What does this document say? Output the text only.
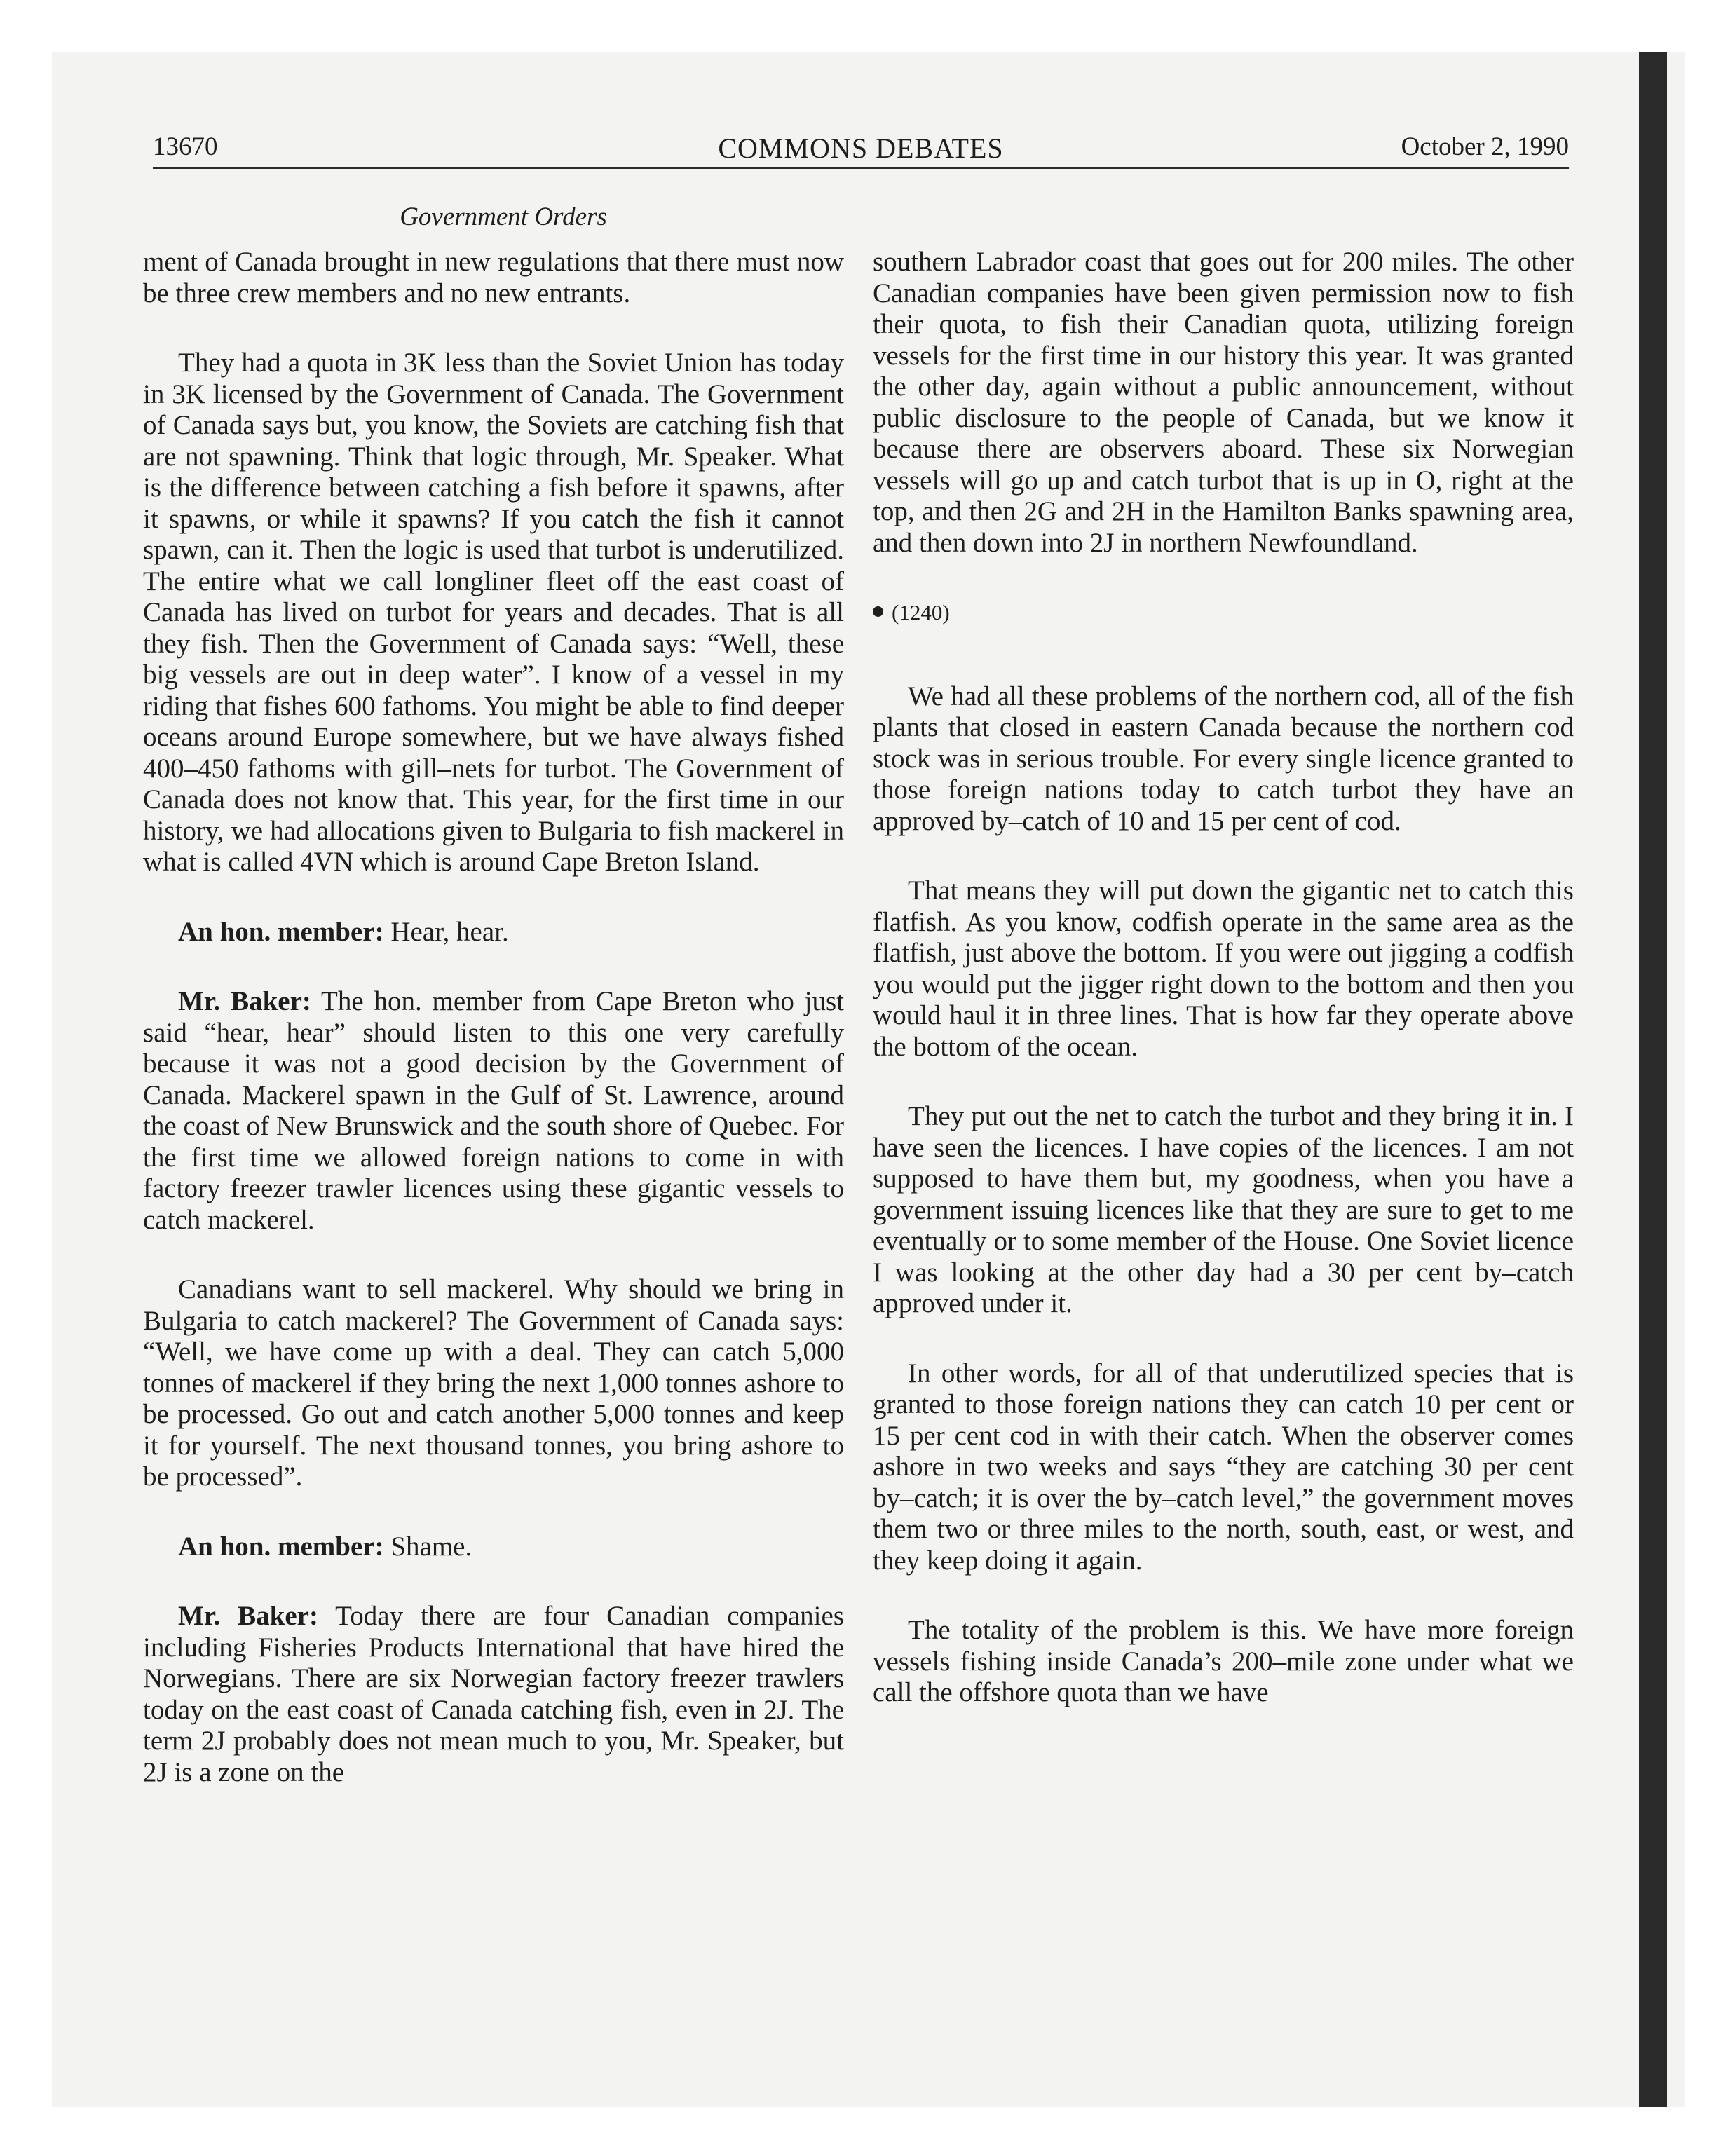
13670	COMMONS DEBATES	October 2, 1990
Government Orders

ment of Canada brought in new regulations that there must now be three crew members and no new entrants.

They had a quota in 3K less than the Soviet Union has today in 3K licensed by the Government of Canada. The Government of Canada says but, you know, the Soviets are catching fish that are not spawning. Think that logic through, Mr. Speaker. What is the difference between catching a fish before it spawns, after it spawns, or while it spawns? If you catch the fish it cannot spawn, can it. Then the logic is used that turbot is underutilized. The entire what we call longliner fleet off the east coast of Canada has lived on turbot for years and decades. That is all they fish. Then the Government of Canada says: “Well, these big vessels are out in deep water”. I know of a vessel in my riding that fishes 600 fathoms. You might be able to find deeper oceans around Europe somewhere, but we have always fished 400–450 fathoms with gill–nets for turbot. The Government of Canada does not know that. This year, for the first time in our history, we had allocations given to Bulgaria to fish mackerel in what is called 4VN which is around Cape Breton Island.

An hon. member: Hear, hear.

Mr. Baker: The hon. member from Cape Breton who just said “hear, hear” should listen to this one very carefully because it was not a good decision by the Government of Canada. Mackerel spawn in the Gulf of St. Lawrence, around the coast of New Brunswick and the south shore of Quebec. For the first time we allowed foreign nations to come in with factory freezer trawler licences using these gigantic vessels to catch mackerel.

Canadians want to sell mackerel. Why should we bring in Bulgaria to catch mackerel? The Government of Canada says: “Well, we have come up with a deal. They can catch 5,000 tonnes of mackerel if they bring the next 1,000 tonnes ashore to be processed. Go out and catch another 5,000 tonnes and keep it for yourself. The next thousand tonnes, you bring ashore to be processed”.

An hon. member: Shame.

Mr. Baker: Today there are four Canadian companies including Fisheries Products International that have hired the Norwegians. There are six Norwegian factory freezer trawlers today on the east coast of Canada catching fish, even in 2J. The term 2J probably does not mean much to you, Mr. Speaker, but 2J is a zone on the

southern Labrador coast that goes out for 200 miles. The other Canadian companies have been given permission now to fish their quota, to fish their Canadian quota, utilizing foreign vessels for the first time in our history this year. It was granted the other day, again without a public announcement, without public disclosure to the people of Canada, but we know it because there are observers aboard. These six Norwegian vessels will go up and catch turbot that is up in O, right at the top, and then 2G and 2H in the Hamilton Banks spawning area, and then down into 2J in northern Newfoundland.

(1240)

We had all these problems of the northern cod, all of the fish plants that closed in eastern Canada because the northern cod stock was in serious trouble. For every single licence granted to those foreign nations today to catch turbot they have an approved by–catch of 10 and 15 per cent of cod.

That means they will put down the gigantic net to catch this flatfish. As you know, codfish operate in the same area as the flatfish, just above the bottom. If you were out jigging a codfish you would put the jigger right down to the bottom and then you would haul it in three lines. That is how far they operate above the bottom of the ocean.

They put out the net to catch the turbot and they bring it in. I have seen the licences. I have copies of the licences. I am not supposed to have them but, my goodness, when you have a government issuing licences like that they are sure to get to me eventually or to some member of the House. One Soviet licence I was looking at the other day had a 30 per cent by–catch approved under it.

In other words, for all of that underutilized species that is granted to those foreign nations they can catch 10 per cent or 15 per cent cod in with their catch. When the observer comes ashore in two weeks and says “they are catching 30 per cent by–catch; it is over the by–catch level,” the government moves them two or three miles to the north, south, east, or west, and they keep doing it again.

The totality of the problem is this. We have more foreign vessels fishing inside Canada’s 200–mile zone under what we call the offshore quota than we have
